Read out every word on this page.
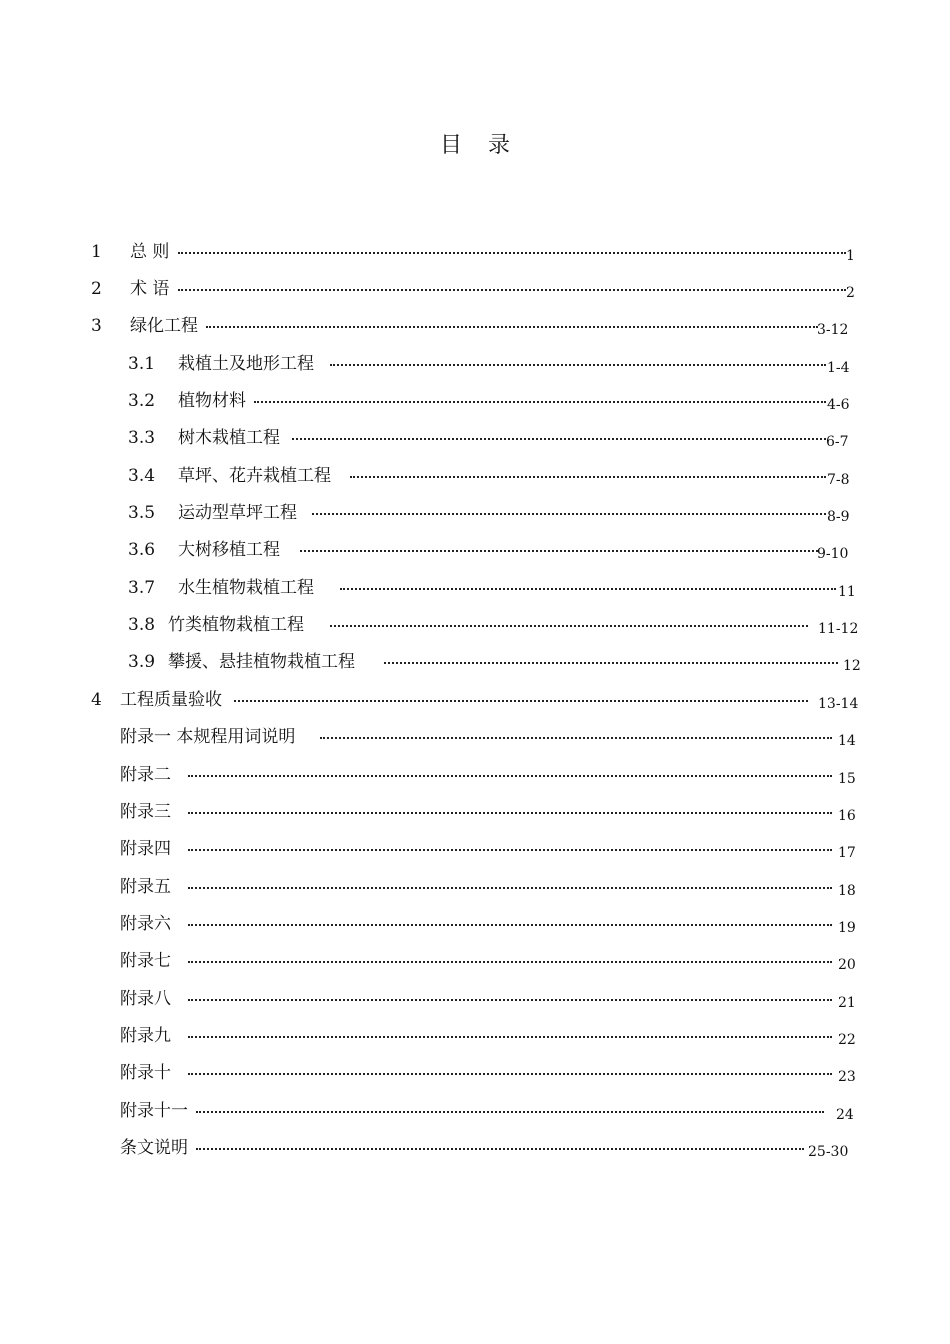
目 录
1 总 则	1
2 术 语	2
3 绿化工程	3-12
3.1 栽植土及地形工程	1-4
3.2 植物材料	4-6
3.3 树木栽植工程	6-7
3.4 草坪、花卉栽植工程	7-8
3.5 运动型草坪工程	8-9
3.6 大树移植工程	9-10
3.7 水生植物栽植工程	11
3.8 竹类植物栽植工程	11-12
3.9 攀援、悬挂植物栽植工程	12
4 工程质量验收	13-14
附录一 本规程用词说明	14
附录二	15
附录三	16
附录四	17
附录五	18
附录六	19
附录七	20
附录八	21
附录九	22
附录十	23
附录十一	24
条文说明	25-30
